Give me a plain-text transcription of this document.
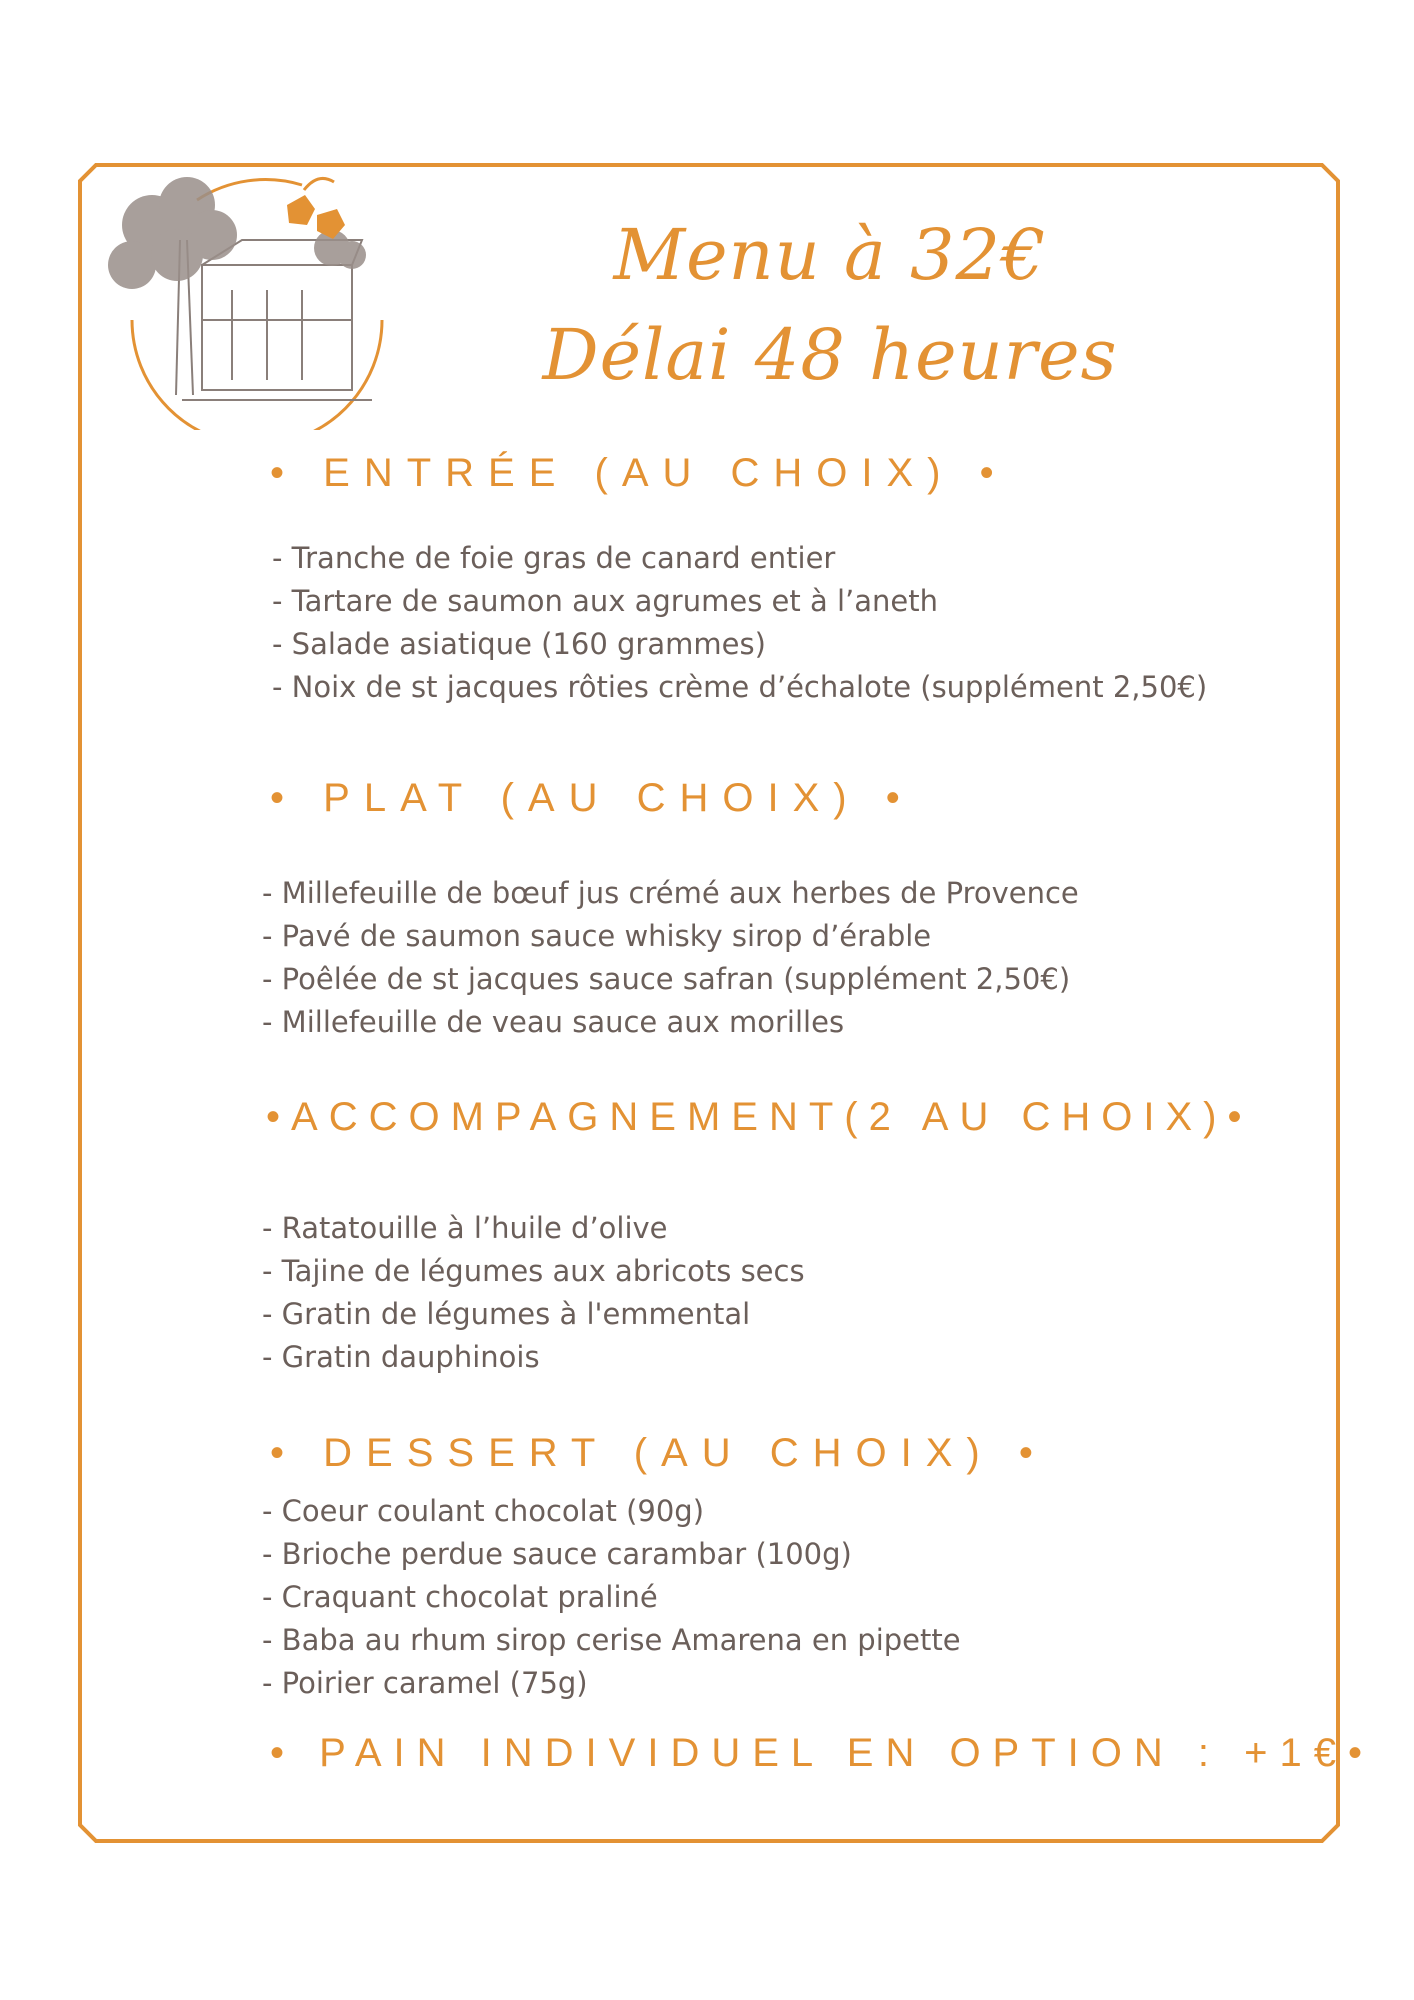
Menu à 32€
Délai 48 heures
• ENTRÉE (AU CHOIX) •
- Tranche de foie gras de canard entier
- Tartare de saumon aux agrumes et à l’aneth
- Salade asiatique (160 grammes)
- Noix de st jacques rôties crème d’échalote (supplément 2,50€)
• PLAT (AU CHOIX) •
- Millefeuille de bœuf jus crémé aux herbes de Provence
- Pavé de saumon sauce whisky sirop d’érable
- Poêlée de st jacques sauce safran (supplément 2,50€)
- Millefeuille de veau sauce aux morilles
•ACCOMPAGNEMENT(2 AU CHOIX)•
- Ratatouille à l’huile d’olive
- Tajine de légumes aux abricots secs
- Gratin de légumes à l'emmental
- Gratin dauphinois
• DESSERT (AU CHOIX) •
- Coeur coulant chocolat (90g)
- Brioche perdue sauce carambar (100g)
- Craquant chocolat praliné
- Baba au rhum sirop cerise Amarena en pipette
- Poirier caramel (75g)
• PAIN INDIVIDUEL EN OPTION : +1€•
